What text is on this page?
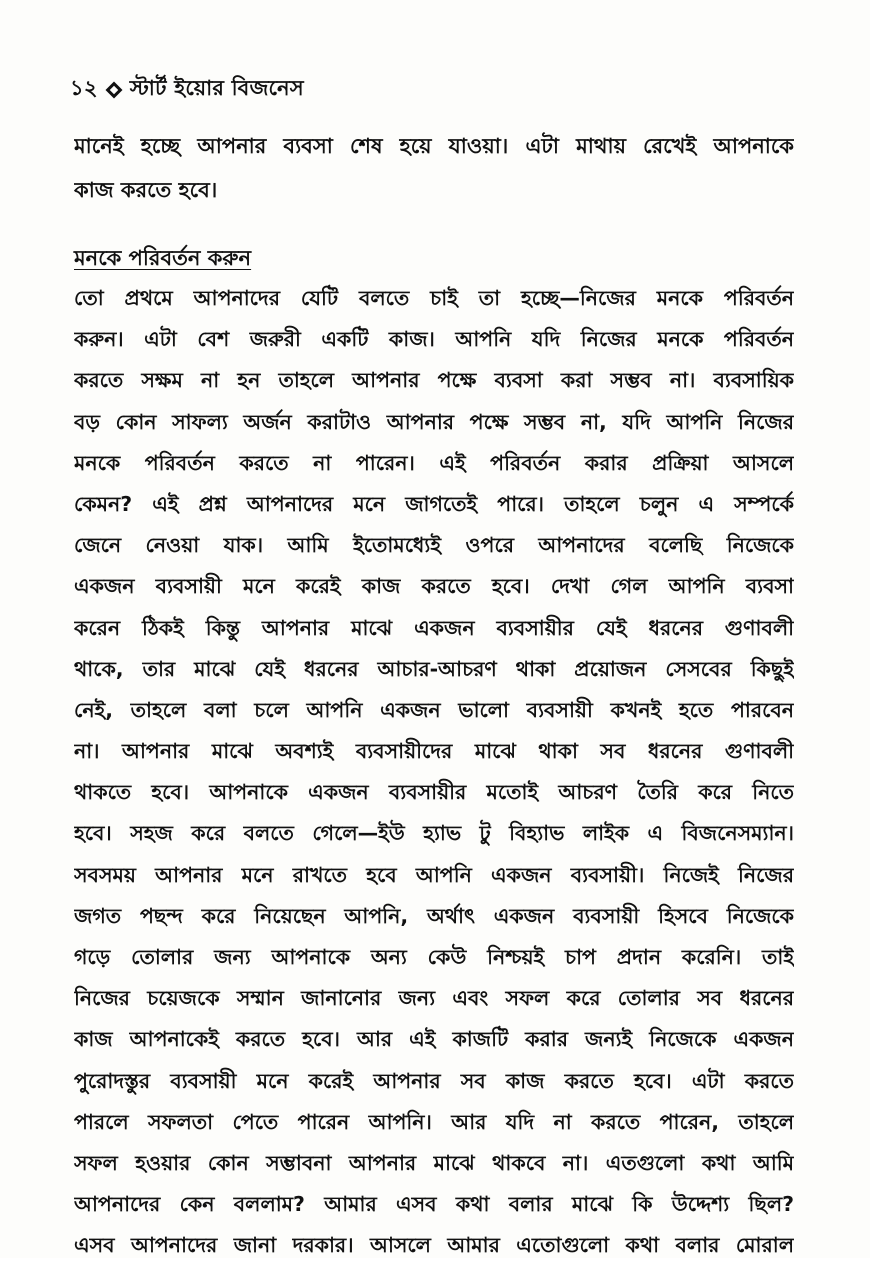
১২ স্টার্ট ইয়োর বিজনেস
মানেই হচ্ছে আপনার ব্যবসা শেষ হয়ে যাওয়া। এটা মাথায় রেখেই আপনাকে
কাজ করতে হবে।
মনকে পরিবর্তন করুন
তো প্রথমে আপনাদের যেটি বলতে চাই তা হচ্ছে—নিজের মনকে পরিবর্তন
করুন। এটা বেশ জরুরী একটি কাজ। আপনি যদি নিজের মনকে পরিবর্তন
করতে সক্ষম না হন তাহলে আপনার পক্ষে ব্যবসা করা সম্ভব না। ব্যবসায়িক
বড় কোন সাফল্য অর্জন করাটাও আপনার পক্ষে সম্ভব না, যদি আপনি নিজের
মনকে পরিবর্তন করতে না পারেন। এই পরিবর্তন করার প্রক্রিয়া আসলে
কেমন? এই প্রশ্ন আপনাদের মনে জাগতেই পারে। তাহলে চলুন এ সম্পর্কে
জেনে নেওয়া যাক। আমি ইতোমধ্যেই ওপরে আপনাদের বলেছি নিজেকে
একজন ব্যবসায়ী মনে করেই কাজ করতে হবে। দেখা গেল আপনি ব্যবসা
করেন ঠিকই কিন্তু আপনার মাঝে একজন ব্যবসায়ীর যেই ধরনের গুণাবলী
থাকে, তার মাঝে যেই ধরনের আচার-আচরণ থাকা প্রয়োজন সেসবের কিছুই
নেই, তাহলে বলা চলে আপনি একজন ভালো ব্যবসায়ী কখনই হতে পারবেন
না। আপনার মাঝে অবশ্যই ব্যবসায়ীদের মাঝে থাকা সব ধরনের গুণাবলী
থাকতে হবে। আপনাকে একজন ব্যবসায়ীর মতোই আচরণ তৈরি করে নিতে
হবে। সহজ করে বলতে গেলে—ইউ হ্যাভ টু বিহ্যাভ লাইক এ বিজনেসম্যান।
সবসময় আপনার মনে রাখতে হবে আপনি একজন ব্যবসায়ী। নিজেই নিজের
জগত পছন্দ করে নিয়েছেন আপনি, অর্থাৎ একজন ব্যবসায়ী হিসবে নিজেকে
গড়ে তোলার জন্য আপনাকে অন্য কেউ নিশ্চয়ই চাপ প্রদান করেনি। তাই
নিজের চয়েজকে সম্মান জানানোর জন্য এবং সফল করে তোলার সব ধরনের
কাজ আপনাকেই করতে হবে। আর এই কাজটি করার জন্যই নিজেকে একজন
পুরোদস্তুর ব্যবসায়ী মনে করেই আপনার সব কাজ করতে হবে। এটা করতে
পারলে সফলতা পেতে পারেন আপনি। আর যদি না করতে পারেন, তাহলে
সফল হওয়ার কোন সম্ভাবনা আপনার মাঝে থাকবে না। এতগুলো কথা আমি
আপনাদের কেন বললাম? আমার এসব কথা বলার মাঝে কি উদ্দেশ্য ছিল?
এসব আপনাদের জানা দরকার। আসলে আমার এতোগুলো কথা বলার মোরাল
